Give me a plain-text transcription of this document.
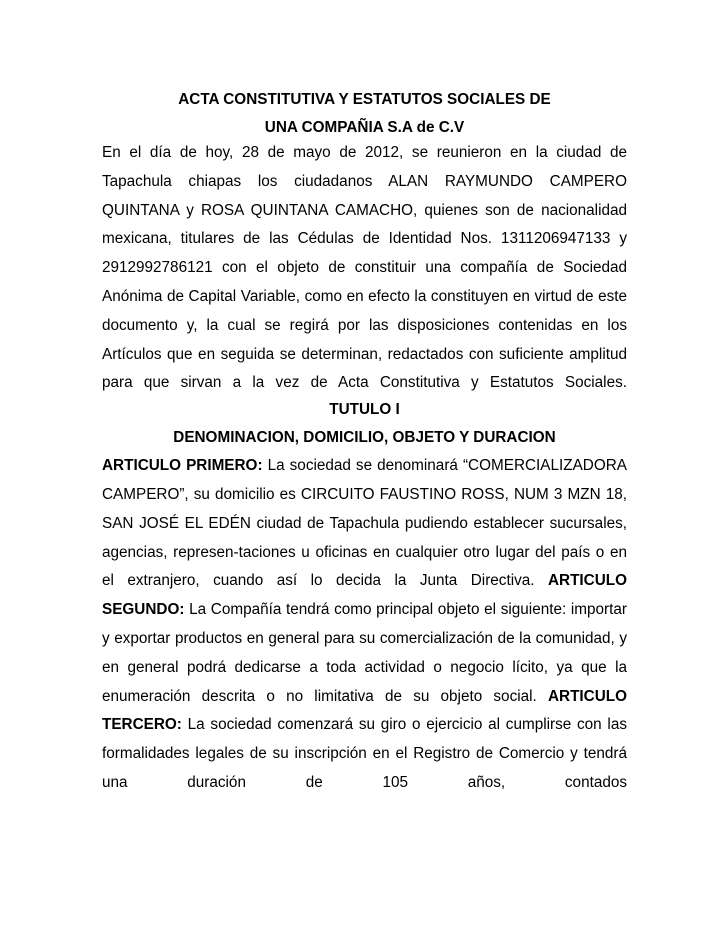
ACTA CONSTITUTIVA Y ESTATUTOS SOCIALES DE
UNA COMPAÑIA S.A de C.V
En el día de hoy, 28 de mayo de 2012, se reunieron en la ciudad de Tapachula chiapas los ciudadanos ALAN RAYMUNDO CAMPERO QUINTANA y ROSA QUINTANA CAMACHO, quienes son de nacionalidad mexicana, titulares de las Cédulas de Identidad Nos. 1311206947133 y 2912992786121 con el objeto de constituir una compañía de Sociedad Anónima de Capital Variable, como en efecto la constituyen en virtud de este documento y, la cual se regirá por las disposiciones contenidas en los Artículos que en seguida se determinan, redactados con suficiente amplitud para que sirvan a la vez de Acta Constitutiva y Estatutos Sociales.
TUTULO I
DENOMINACION, DOMICILIO, OBJETO Y DURACION
ARTICULO PRIMERO: La sociedad se denominará “COMERCIALIZADORA CAMPERO”, su domicilio es CIRCUITO FAUSTINO ROSS, NUM 3 MZN 18, SAN JOSÉ EL EDÉN ciudad de Tapachula pudiendo establecer sucursales, agencias, represen-taciones u oficinas en cualquier otro lugar del país o en el extranjero, cuando así lo decida la Junta Directiva. ARTICULO SEGUNDO: La Compañía tendrá como principal objeto el siguiente: importar y exportar productos en general para su comercialización de la comunidad, y en general podrá dedicarse a toda actividad o negocio lícito, ya que la enumeración descrita o no limitativa de su objeto social. ARTICULO TERCERO: La sociedad comenzará su giro o ejercicio al cumplirse con las formalidades legales de su inscripción en el Registro de Comercio y tendrá una duración de 105 años, contados
